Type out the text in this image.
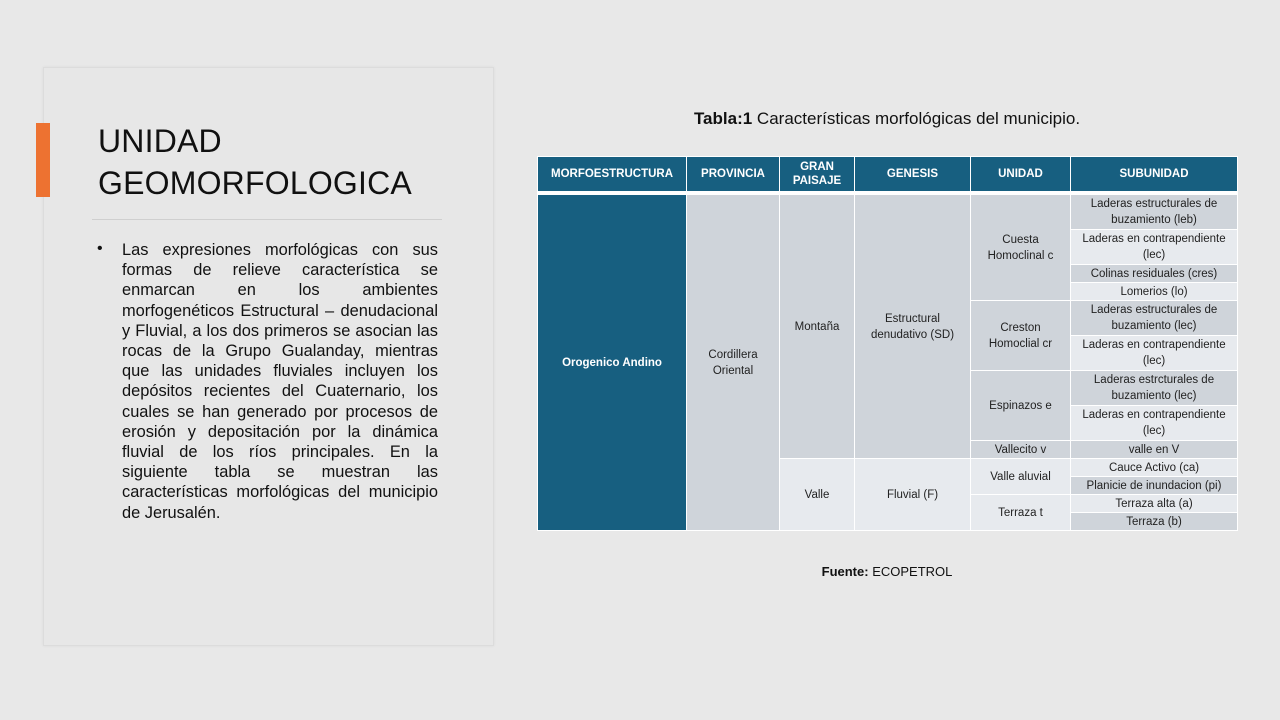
UNIDAD
GEOMORFOLOGICA
• Las expresiones morfológicas con sus formas de relieve característica se enmarcan en los ambientes morfogenéticos Estructural – denudacional y Fluvial, a los dos primeros se asocian las rocas de la Grupo Gualanday, mientras que las unidades fluviales incluyen los depósitos recientes del Cuaternario, los cuales se han generado por procesos de erosión y depositación por la dinámica fluvial de los ríos principales. En la siguiente tabla se muestran las características morfológicas del municipio de Jerusalén.

Tabla:1 Características morfológicas del municipio.

MORFOESTRUCTURA	PROVINCIA	GRAN PAISAJE	GENESIS	UNIDAD	SUBUNIDAD

Orogenico Andino	Cordillera Oriental	Montaña	Estructural denudativo (SD)	Cuesta Homoclinal c	Laderas estructurales de buzamiento (leb)
					Laderas en contrapendiente (lec)
					Colinas residuales (cres)
					Lomerios (lo)
				Creston Homoclial cr	Laderas estructurales de buzamiento (lec)
					Laderas en contrapendiente (lec)
				Espinazos e	Laderas estrcturales de buzamiento (lec)
					Laderas en contrapendiente (lec)
				Vallecito v	valle en V
		Valle	Fluvial (F)	Valle aluvial	Cauce Activo (ca)
					Planicie de inundacion (pi)
				Terraza t	Terraza alta (a)
					Terraza (b)

Fuente: ECOPETROL
